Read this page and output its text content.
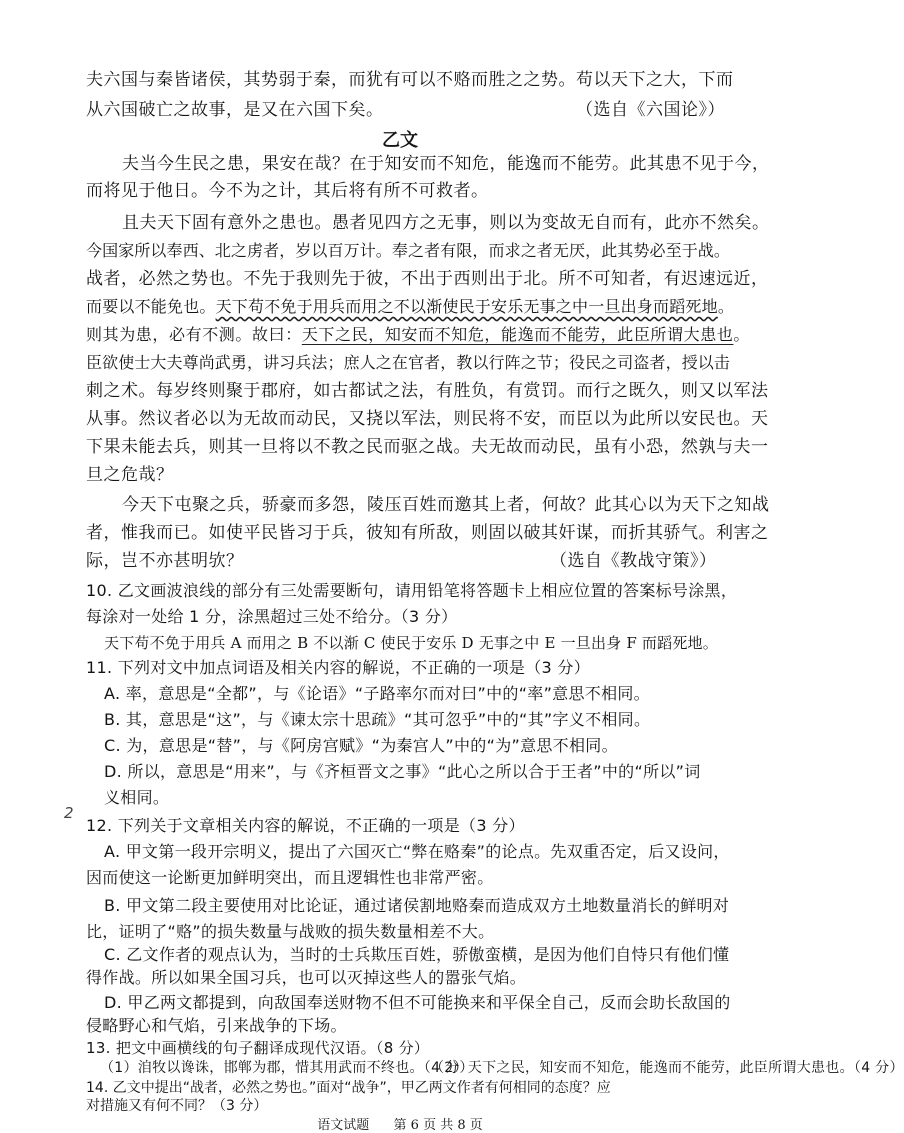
夫六国与秦皆诸侯，其势弱于秦，而犹有可以不赂而胜之之势。苟以天下之大，下而
从六国破亡之故事，是又在六国下矣。	（选自《六国论》）
乙文
夫当今生民之患，果安在哉？在于知安而不知危，能逸而不能劳。此其患不见于今，
而将见于他日。今不为之计，其后将有所不可救者。
且夫天下固有意外之患也。愚者见四方之无事，则以为变故无自而有，此亦不然矣。
今国家所以奉西、北之虏者，岁以百万计。奉之者有限，而求之者无厌，此其势必至于战。
战者，必然之势也。不先于我则先于彼，不出于西则出于北。所不可知者，有迟速远近，
而要以不能免也。天下苟不免于用兵而用之不以渐使民于安乐无事之中一旦出身而蹈死地。
则其为患，必有不测。故曰：天下之民，知安而不知危，能逸而不能劳，此臣所谓大患也。
臣欲使士大夫尊尚武勇，讲习兵法；庶人之在官者，教以行阵之节；役民之司盗者，授以击
刺之术。每岁终则聚于郡府，如古都试之法，有胜负，有赏罚。而行之既久，则又以军法
从事。然议者必以为无故而动民，又挠以军法，则民将不安，而臣以为此所以安民也。天
下果未能去兵，则其一旦将以不教之民而驱之战。夫无故而动民，虽有小恐，然孰与夫一
旦之危哉？
今天下屯聚之兵，骄豪而多怨，陵压百姓而邀其上者，何故？此其心以为天下之知战
者，惟我而已。如使平民皆习于兵，彼知有所敌，则固以破其奸谋，而折其骄气。利害之
际，岂不亦甚明欤？	（选自《教战守策》）
10. 乙文画波浪线的部分有三处需要断句，请用铅笔将答题卡上相应位置的答案标号涂黑，
每涂对一处给 1 分，涂黑超过三处不给分。（3 分）
天下苟不免于用兵 A 而用之 B 不以渐 C 使民于安乐 D 无事之中 E 一旦出身 F 而蹈死地。
11. 下列对文中加点词语及相关内容的解说，不正确的一项是（3 分）
A. 率，意思是“全都”，与《论语》“子路率尔而对曰”中的“率”意思不相同。
B. 其，意思是“这”，与《谏太宗十思疏》“其可忽乎”中的“其”字义不相同。
C. 为，意思是“替”，与《阿房宫赋》“为秦宫人”中的“为”意思不相同。
D. 所以，意思是“用来”，与《齐桓晋文之事》“此心之所以合于王者”中的“所以”词
义相同。
2
12. 下列关于文章相关内容的解说，不正确的一项是（3 分）
A. 甲文第一段开宗明义，提出了六国灭亡“弊在赂秦”的论点。先双重否定，后又设问，
因而使这一论断更加鲜明突出，而且逻辑性也非常严密。
B. 甲文第二段主要使用对比论证，通过诸侯割地赂秦而造成双方土地数量消长的鲜明对
比，证明了“赂”的损失数量与战败的损失数量相差不大。
C. 乙文作者的观点认为，当时的士兵欺压百姓，骄傲蛮横，是因为他们自恃只有他们懂
得作战。所以如果全国习兵，也可以灭掉这些人的嚣张气焰。
D. 甲乙两文都提到，向敌国奉送财物不但不可能换来和平保全自己，反而会助长敌国的
侵略野心和气焰，引来战争的下场。
13. 把文中画横线的句子翻译成现代汉语。（8 分）
（1）洎牧以谗诛，邯郸为郡，惜其用武而不终也。（4 分）
（2）天下之民，知安而不知危，能逸而不能劳，此臣所谓大患也。（4 分）
14. 乙文中提出“战者，必然之势也。”面对“战争”，甲乙两文作者有何相同的态度？应
对措施又有何不同？（3 分）
语文试题 第 6 页 共 8 页
